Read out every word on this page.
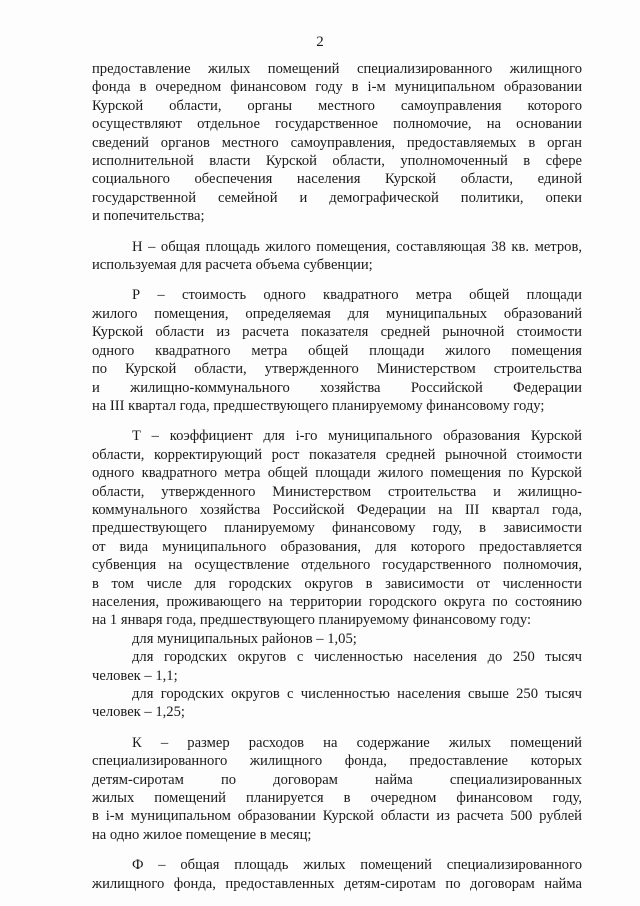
2

предоставление жилых помещений специализированного жилищного
фонда в очередном финансовом году в i-м муниципальном образовании
Курской области, органы местного самоуправления которого
осуществляют отдельное государственное полномочие, на основании
сведений органов местного самоуправления, предоставляемых в орган
исполнительной власти Курской области, уполномоченный в сфере
социального обеспечения населения Курской области, единой
государственной семейной и демографической политики, опеки
и попечительства;

Н – общая площадь жилого помещения, составляющая 38 кв. метров,
используемая для расчета объема субвенции;

Р – стоимость одного квадратного метра общей площади
жилого помещения, определяемая для муниципальных образований
Курской области из расчета показателя средней рыночной стоимости
одного квадратного метра общей площади жилого помещения
по Курской области, утвержденного Министерством строительства
и жилищно-коммунального хозяйства Российской Федерации
на III квартал года, предшествующего планируемому финансовому году;

Т – коэффициент для i-го муниципального образования Курской
области, корректирующий рост показателя средней рыночной стоимости
одного квадратного метра общей площади жилого помещения по Курской
области, утвержденного Министерством строительства и жилищно-
коммунального хозяйства Российской Федерации на III квартал года,
предшествующего планируемому финансовому году, в зависимости
от вида муниципального образования, для которого предоставляется
субвенция на осуществление отдельного государственного полномочия,
в том числе для городских округов в зависимости от численности
населения, проживающего на территории городского округа по состоянию
на 1 января года, предшествующего планируемому финансовому году:

для муниципальных районов – 1,05;

для городских округов с численностью населения до 250 тысяч
человек – 1,1;

для городских округов с численностью населения свыше 250 тысяч
человек – 1,25;

К – размер расходов на содержание жилых помещений
специализированного жилищного фонда, предоставление которых
детям-сиротам по договорам найма специализированных
жилых помещений планируется в очередном финансовом году,
в i-м муниципальном образовании Курской области из расчета 500 рублей
на одно жилое помещение в месяц;

Ф – общая площадь жилых помещений специализированного
жилищного фонда, предоставленных детям-сиротам по договорам найма
